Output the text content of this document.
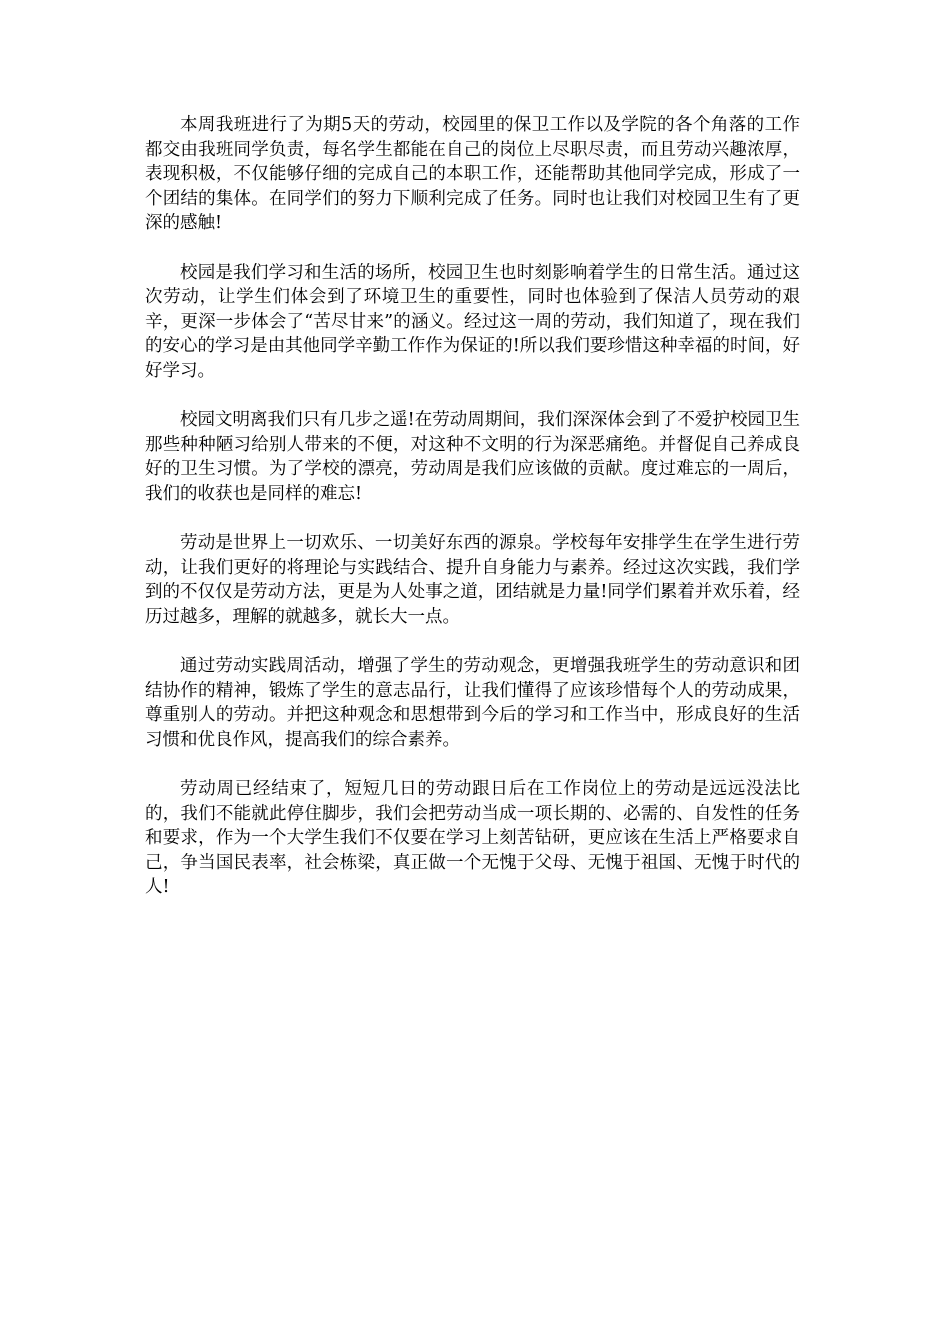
本周我班进行了为期5天的劳动，校园里的保卫工作以及学院的各个角落的工作都交由我班同学负责，每名学生都能在自己的岗位上尽职尽责，而且劳动兴趣浓厚，表现积极，不仅能够仔细的完成自己的本职工作，还能帮助其他同学完成，形成了一个团结的集体。在同学们的努力下顺利完成了任务。同时也让我们对校园卫生有了更深的感触!

校园是我们学习和生活的场所，校园卫生也时刻影响着学生的日常生活。通过这次劳动，让学生们体会到了环境卫生的重要性，同时也体验到了保洁人员劳动的艰辛，更深一步体会了“苦尽甘来”的涵义。经过这一周的劳动，我们知道了，现在我们的安心的学习是由其他同学辛勤工作作为保证的!所以我们要珍惜这种幸福的时间，好好学习。

校园文明离我们只有几步之遥!在劳动周期间，我们深深体会到了不爱护校园卫生那些种种陋习给别人带来的不便，对这种不文明的行为深恶痛绝。并督促自己养成良好的卫生习惯。为了学校的漂亮，劳动周是我们应该做的贡献。度过难忘的一周后，我们的收获也是同样的难忘!

劳动是世界上一切欢乐、一切美好东西的源泉。学校每年安排学生在学生进行劳动，让我们更好的将理论与实践结合、提升自身能力与素养。经过这次实践，我们学到的不仅仅是劳动方法，更是为人处事之道，团结就是力量!同学们累着并欢乐着，经历过越多，理解的就越多，就长大一点。

通过劳动实践周活动，增强了学生的劳动观念，更增强我班学生的劳动意识和团结协作的精神，锻炼了学生的意志品行，让我们懂得了应该珍惜每个人的劳动成果，尊重别人的劳动。并把这种观念和思想带到今后的学习和工作当中，形成良好的生活习惯和优良作风，提高我们的综合素养。

劳动周已经结束了，短短几日的劳动跟日后在工作岗位上的劳动是远远没法比的，我们不能就此停住脚步，我们会把劳动当成一项长期的、必需的、自发性的任务和要求，作为一个大学生我们不仅要在学习上刻苦钻研，更应该在生活上严格要求自己，争当国民表率，社会栋梁，真正做一个无愧于父母、无愧于祖国、无愧于时代的人!
